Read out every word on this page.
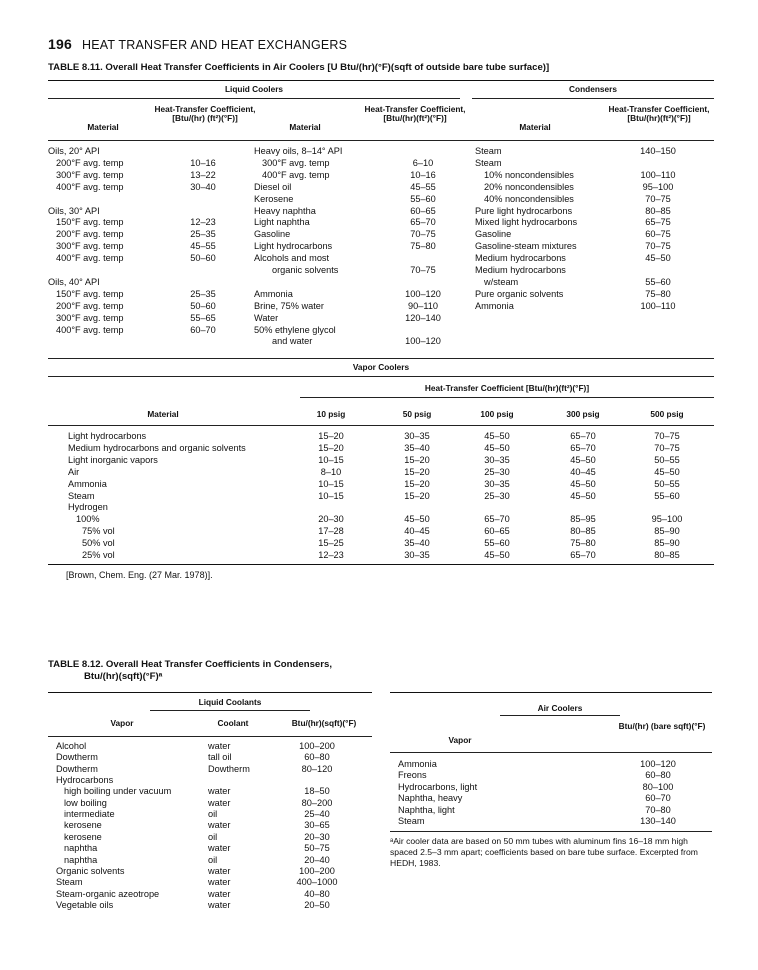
196 HEAT TRANSFER AND HEAT EXCHANGERS
TABLE 8.11. Overall Heat Transfer Coefficients in Air Coolers [U Btu/(hr)(°F)(sqft of outside bare tube surface)]
Liquid Coolers	Condensers
Material
Heat-Transfer Coefficient, [Btu/(hr) (ft²)(°F)]
Material
Heat-Transfer Coefficient, [Btu/(hr)(ft²)(°F)]
Material
Heat-Transfer Coefficient, [Btu/(hr)(ft²)(°F)]
Oils, 20° API
200°F avg. temp	10–16
300°F avg. temp	13–22
400°F avg. temp	30–40
Oils, 30° API
150°F avg. temp	12–23
200°F avg. temp	25–35
300°F avg. temp	45–55
400°F avg. temp	50–60
Oils, 40° API
150°F avg. temp	25–35
200°F avg. temp	50–60
300°F avg. temp	55–65
400°F avg. temp	60–70
Heavy oils, 8–14° API
300°F avg. temp	6–10
400°F avg. temp	10–16
Diesel oil	45–55
Kerosene	55–60
Heavy naphtha	60–65
Light naphtha	65–70
Gasoline	70–75
Light hydrocarbons	75–80
Alcohols and most
organic solvents	70–75
Ammonia	100–120
Brine, 75% water	90–110
Water	120–140
50% ethylene glycol
and water	100–120
Steam	140–150
Steam
10% noncondensibles	100–110
20% noncondensibles	95–100
40% noncondensibles	70–75
Pure light hydrocarbons	80–85
Mixed light hydrocarbons	65–75
Gasoline	60–75
Gasoline-steam mixtures	70–75
Medium hydrocarbons	45–50
Medium hydrocarbons
w/steam	55–60
Pure organic solvents	75–80
Ammonia	100–110
Vapor Coolers
Heat-Transfer Coefficient [Btu/(hr)(ft²)(°F)]
Material	10 psig	50 psig	100 psig	300 psig	500 psig
Light hydrocarbons	15–20	30–35	45–50	65–70	70–75
Medium hydrocarbons and organic solvents	15–20	35–40	45–50	65–70	70–75
Light inorganic vapors	10–15	15–20	30–35	45–50	50–55
Air	8–10	15–20	25–30	40–45	45–50
Ammonia	10–15	15–20	30–35	45–50	50–55
Steam	10–15	15–20	25–30	45–50	55–60
Hydrogen
100%	20–30	45–50	65–70	85–95	95–100
75% vol	17–28	40–45	60–65	80–85	85–90
50% vol	15–25	35–40	55–60	75–80	85–90
25% vol	12–23	30–35	45–50	65–70	80–85
[Brown, Chem. Eng. (27 Mar. 1978)].
TABLE 8.12. Overall Heat Transfer Coefficients in Condensers,
Btu/(hr)(sqft)(°F)ᵃ
Liquid Coolants
Vapor	Coolant	Btu/(hr)(sqft)(°F)
Alcohol	water	100–200
Dowtherm	tall oil	60–80
Dowtherm	Dowtherm	80–120
Hydrocarbons
high boiling under vacuum	water	18–50
low boiling	water	80–200
intermediate	oil	25–40
kerosene	water	30–65
kerosene	oil	20–30
naphtha	water	50–75
naphtha	oil	20–40
Organic solvents	water	100–200
Steam	water	400–1000
Steam-organic azeotrope	water	40–80
Vegetable oils	water	20–50
Air Coolers
Vapor
Btu/(hr) (bare sqft)(°F)
Ammonia	100–120
Freons	60–80
Hydrocarbons, light	80–100
Naphtha, heavy	60–70
Naphtha, light	70–80
Steam	130–140
ᵃAir cooler data are based on 50 mm tubes with aluminum fins 16–18 mm high spaced 2.5–3 mm apart; coefficients based on bare tube surface. Excerpted from HEDH, 1983.
